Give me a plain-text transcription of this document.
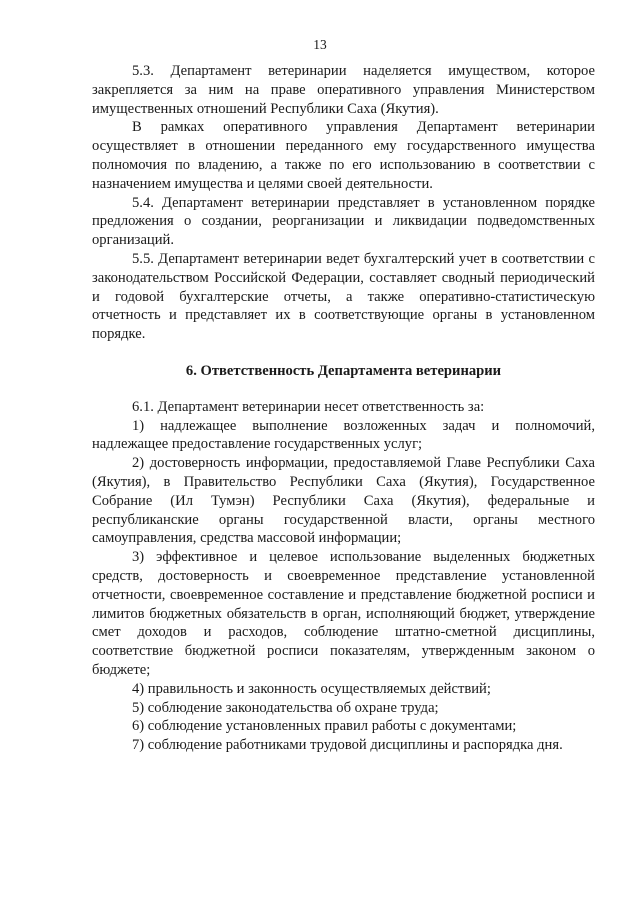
13

5.3. Департамент ветеринарии наделяется имуществом, которое закрепляется за ним на праве оперативного управления Министерством имущественных отношений Республики Саха (Якутия).

В рамках оперативного управления Департамент ветеринарии осуществляет в отношении переданного ему государственного имущества полномочия по владению, а также по его использованию в соответствии с назначением имущества и целями своей деятельности.

5.4. Департамент ветеринарии представляет в установленном порядке предложения о создании, реорганизации и ликвидации подведомственных организаций.

5.5. Департамент ветеринарии ведет бухгалтерский учет в соответствии с законодательством Российской Федерации, составляет сводный периодический и годовой бухгалтерские отчеты, а также оперативно-статистическую отчетность и представляет их в соответствующие органы в установленном порядке.

6. Ответственность Департамента ветеринарии

6.1. Департамент ветеринарии несет ответственность за:

1) надлежащее выполнение возложенных задач и полномочий, надлежащее предоставление государственных услуг;

2) достоверность информации, предоставляемой Главе Республики Саха (Якутия), в Правительство Республики Саха (Якутия), Государственное Собрание (Ил Тумэн) Республики Саха (Якутия), федеральные и республиканские органы государственной власти, органы местного самоуправления, средства массовой информации;

3) эффективное и целевое использование выделенных бюджетных средств, достоверность и своевременное представление установленной отчетности, своевременное составление и представление бюджетной росписи и лимитов бюджетных обязательств в орган, исполняющий бюджет, утверждение смет доходов и расходов, соблюдение штатно-сметной дисциплины, соответствие бюджетной росписи показателям, утвержденным законом о бюджете;

4) правильность и законность осуществляемых действий;

5) соблюдение законодательства об охране труда;

6) соблюдение установленных правил работы с документами;

7) соблюдение работниками трудовой дисциплины и распорядка дня.
